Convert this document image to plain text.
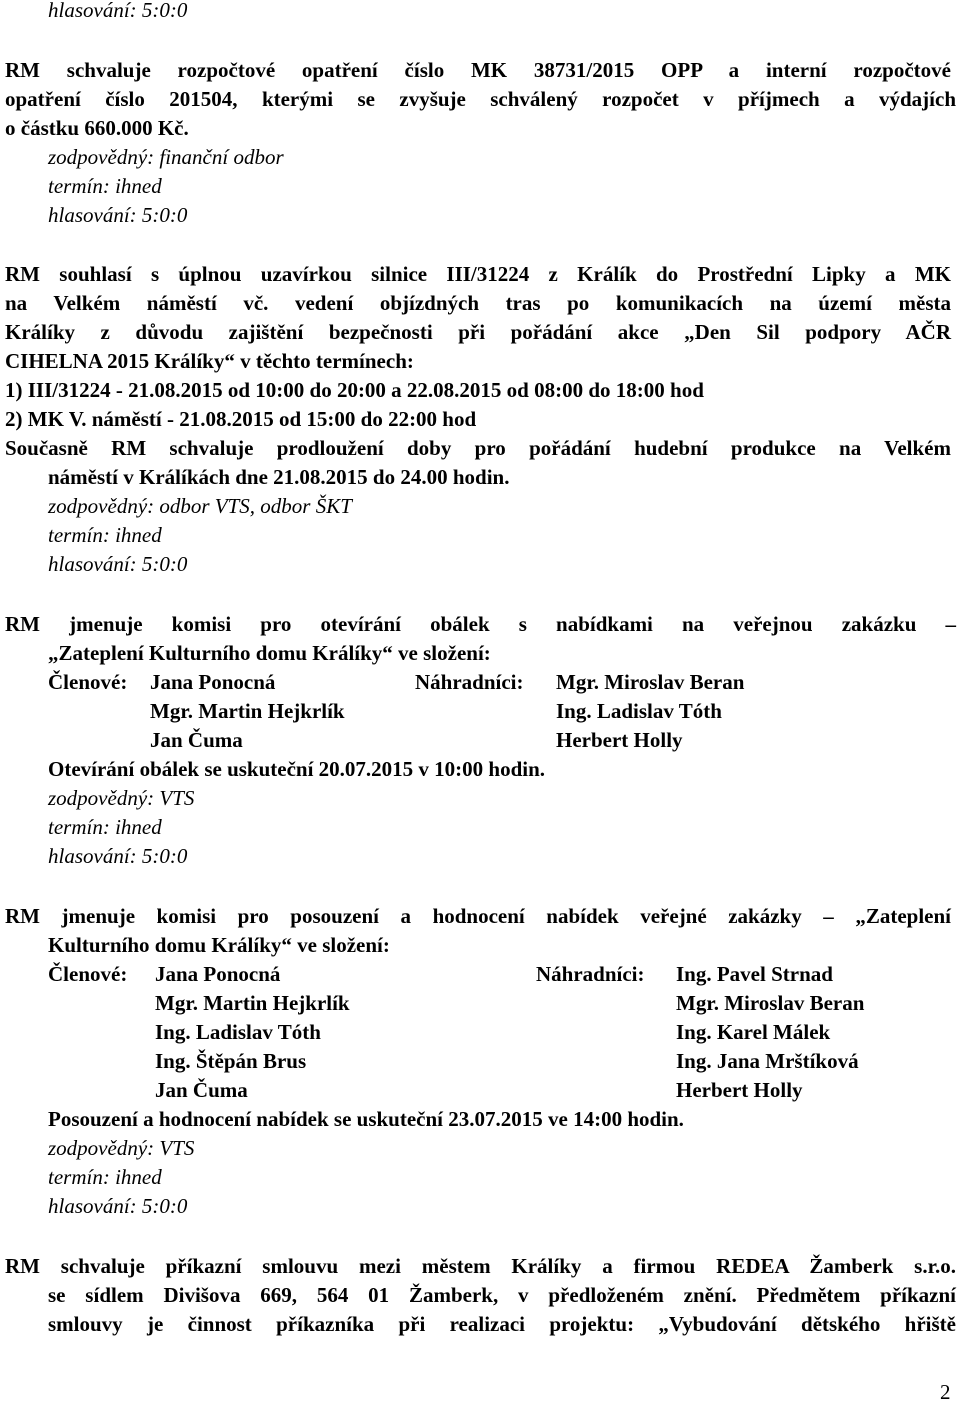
hlasování: 5:0:0
RM schvaluje rozpočtové opatření číslo MK 38731/2015 OPP a interní rozpočtové
opatření číslo 201504, kterými se zvyšuje schválený rozpočet v příjmech a výdajích
o částku 660.000 Kč.
zodpovědný: finanční odbor
termín: ihned
hlasování: 5:0:0
RM souhlasí s úplnou uzavírkou silnice III/31224 z Králík do Prostřední Lipky a MK
na Velkém náměstí vč. vedení objízdných tras po komunikacích na území města
Králíky z důvodu zajištění bezpečnosti při pořádání akce „Den Sil podpory AČR
CIHELNA 2015 Králíky“ v těchto termínech:
1) III/31224 - 21.08.2015 od 10:00 do 20:00 a 22.08.2015 od 08:00 do 18:00 hod
2) MK V. náměstí - 21.08.2015 od 15:00 do 22:00 hod
Současně RM schvaluje prodloužení doby pro pořádání hudební produkce na Velkém
náměstí v Králíkách dne 21.08.2015 do 24.00 hodin.
zodpovědný: odbor VTS, odbor ŠKT
termín: ihned
hlasování: 5:0:0
RM jmenuje komisi pro otevírání obálek s nabídkami na veřejnou zakázku –
„Zateplení Kulturního domu Králíky“ ve složení:
Členové: Jana Ponocná
Mgr. Martin Hejkrlík
Jan Čuma
Náhradníci: Mgr. Miroslav Beran
Ing. Ladislav Tóth
Herbert Holly
Otevírání obálek se uskuteční 20.07.2015 v 10:00 hodin.
zodpovědný: VTS
termín: ihned
hlasování: 5:0:0
RM jmenuje komisi pro posouzení a hodnocení nabídek veřejné zakázky – „Zateplení
Kulturního domu Králíky“ ve složení:
Členové: Jana Ponocná
Mgr. Martin Hejkrlík
Ing. Ladislav Tóth
Ing. Štěpán Brus
Jan Čuma
Náhradníci: Ing. Pavel Strnad
Mgr. Miroslav Beran
Ing. Karel Málek
Ing. Jana Mrštíková
Herbert Holly
Posouzení a hodnocení nabídek se uskuteční 23.07.2015 ve 14:00 hodin.
zodpovědný: VTS
termín: ihned
hlasování: 5:0:0
RM schvaluje příkazní smlouvu mezi městem Králíky a firmou REDEA Žamberk s.r.o.
se sídlem Divišova 669, 564 01 Žamberk, v předloženém znění. Předmětem příkazní
smlouvy je činnost příkazníka při realizaci projektu: „Vybudování dětského hřiště
2
